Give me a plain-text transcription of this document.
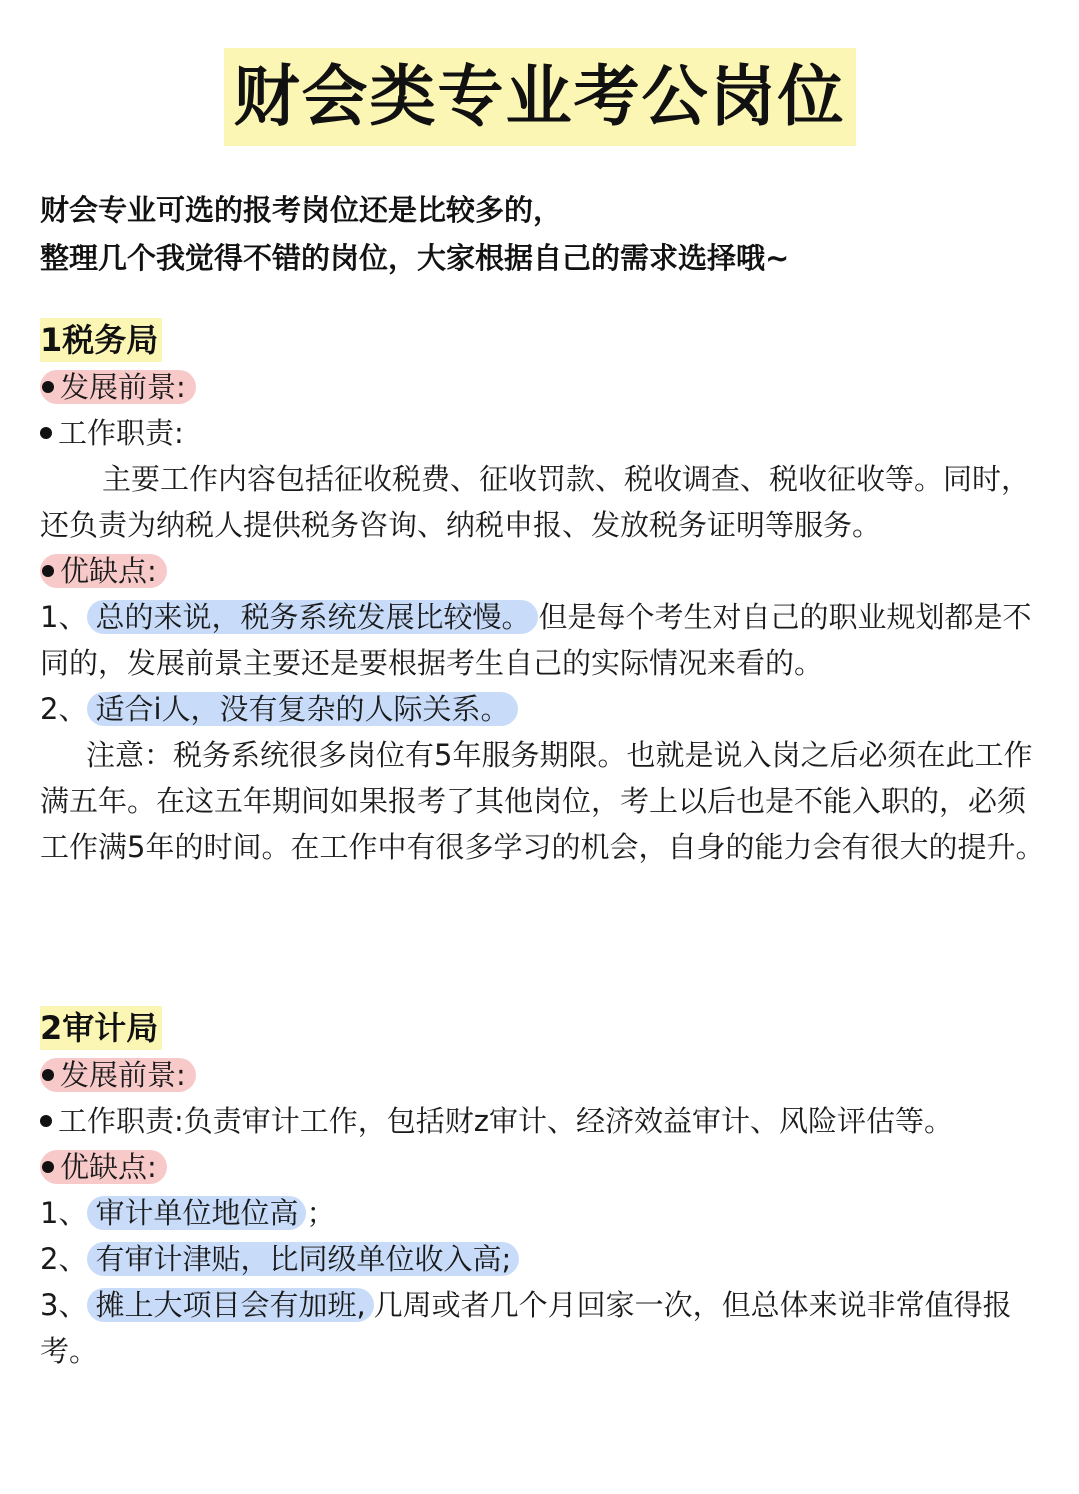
财会类专业考公岗位
财会专业可选的报考岗位还是比较多的，
整理几个我觉得不错的岗位，大家根据自己的需求选择哦~
1税务局
发展前景:
工作职责:
主要工作内容包括征收税费、征收罚款、税收调查、税收征收等。同时，还负责为纳税人提供税务咨询、纳税申报、发放税务证明等服务。
优缺点:
1、 总的来说，税务系统发展比较慢。 但是每个考生对自己的职业规划都是不同的，发展前景主要还是要根据考生自己的实际情况来看的。
2、 适合i人，没有复杂的人际关系。
注意：税务系统很多岗位有5年服务期限。也就是说入岗之后必须在此工作满五年。在这五年期间如果报考了其他岗位，考上以后也是不能入职的，必须工作满5年的时间。在工作中有很多学习的机会，自身的能力会有很大的提升。
2审计局
发展前景:
工作职责:负责审计工作，包括财z审计、经济效益审计、风险评估等。
优缺点:
1、 审计单位地位高 ；
2、 有审计津贴，比同级单位收入高;
3、 摊上大项目会有加班, 几周或者几个月回家一次，但总体来说非常值得报考。
